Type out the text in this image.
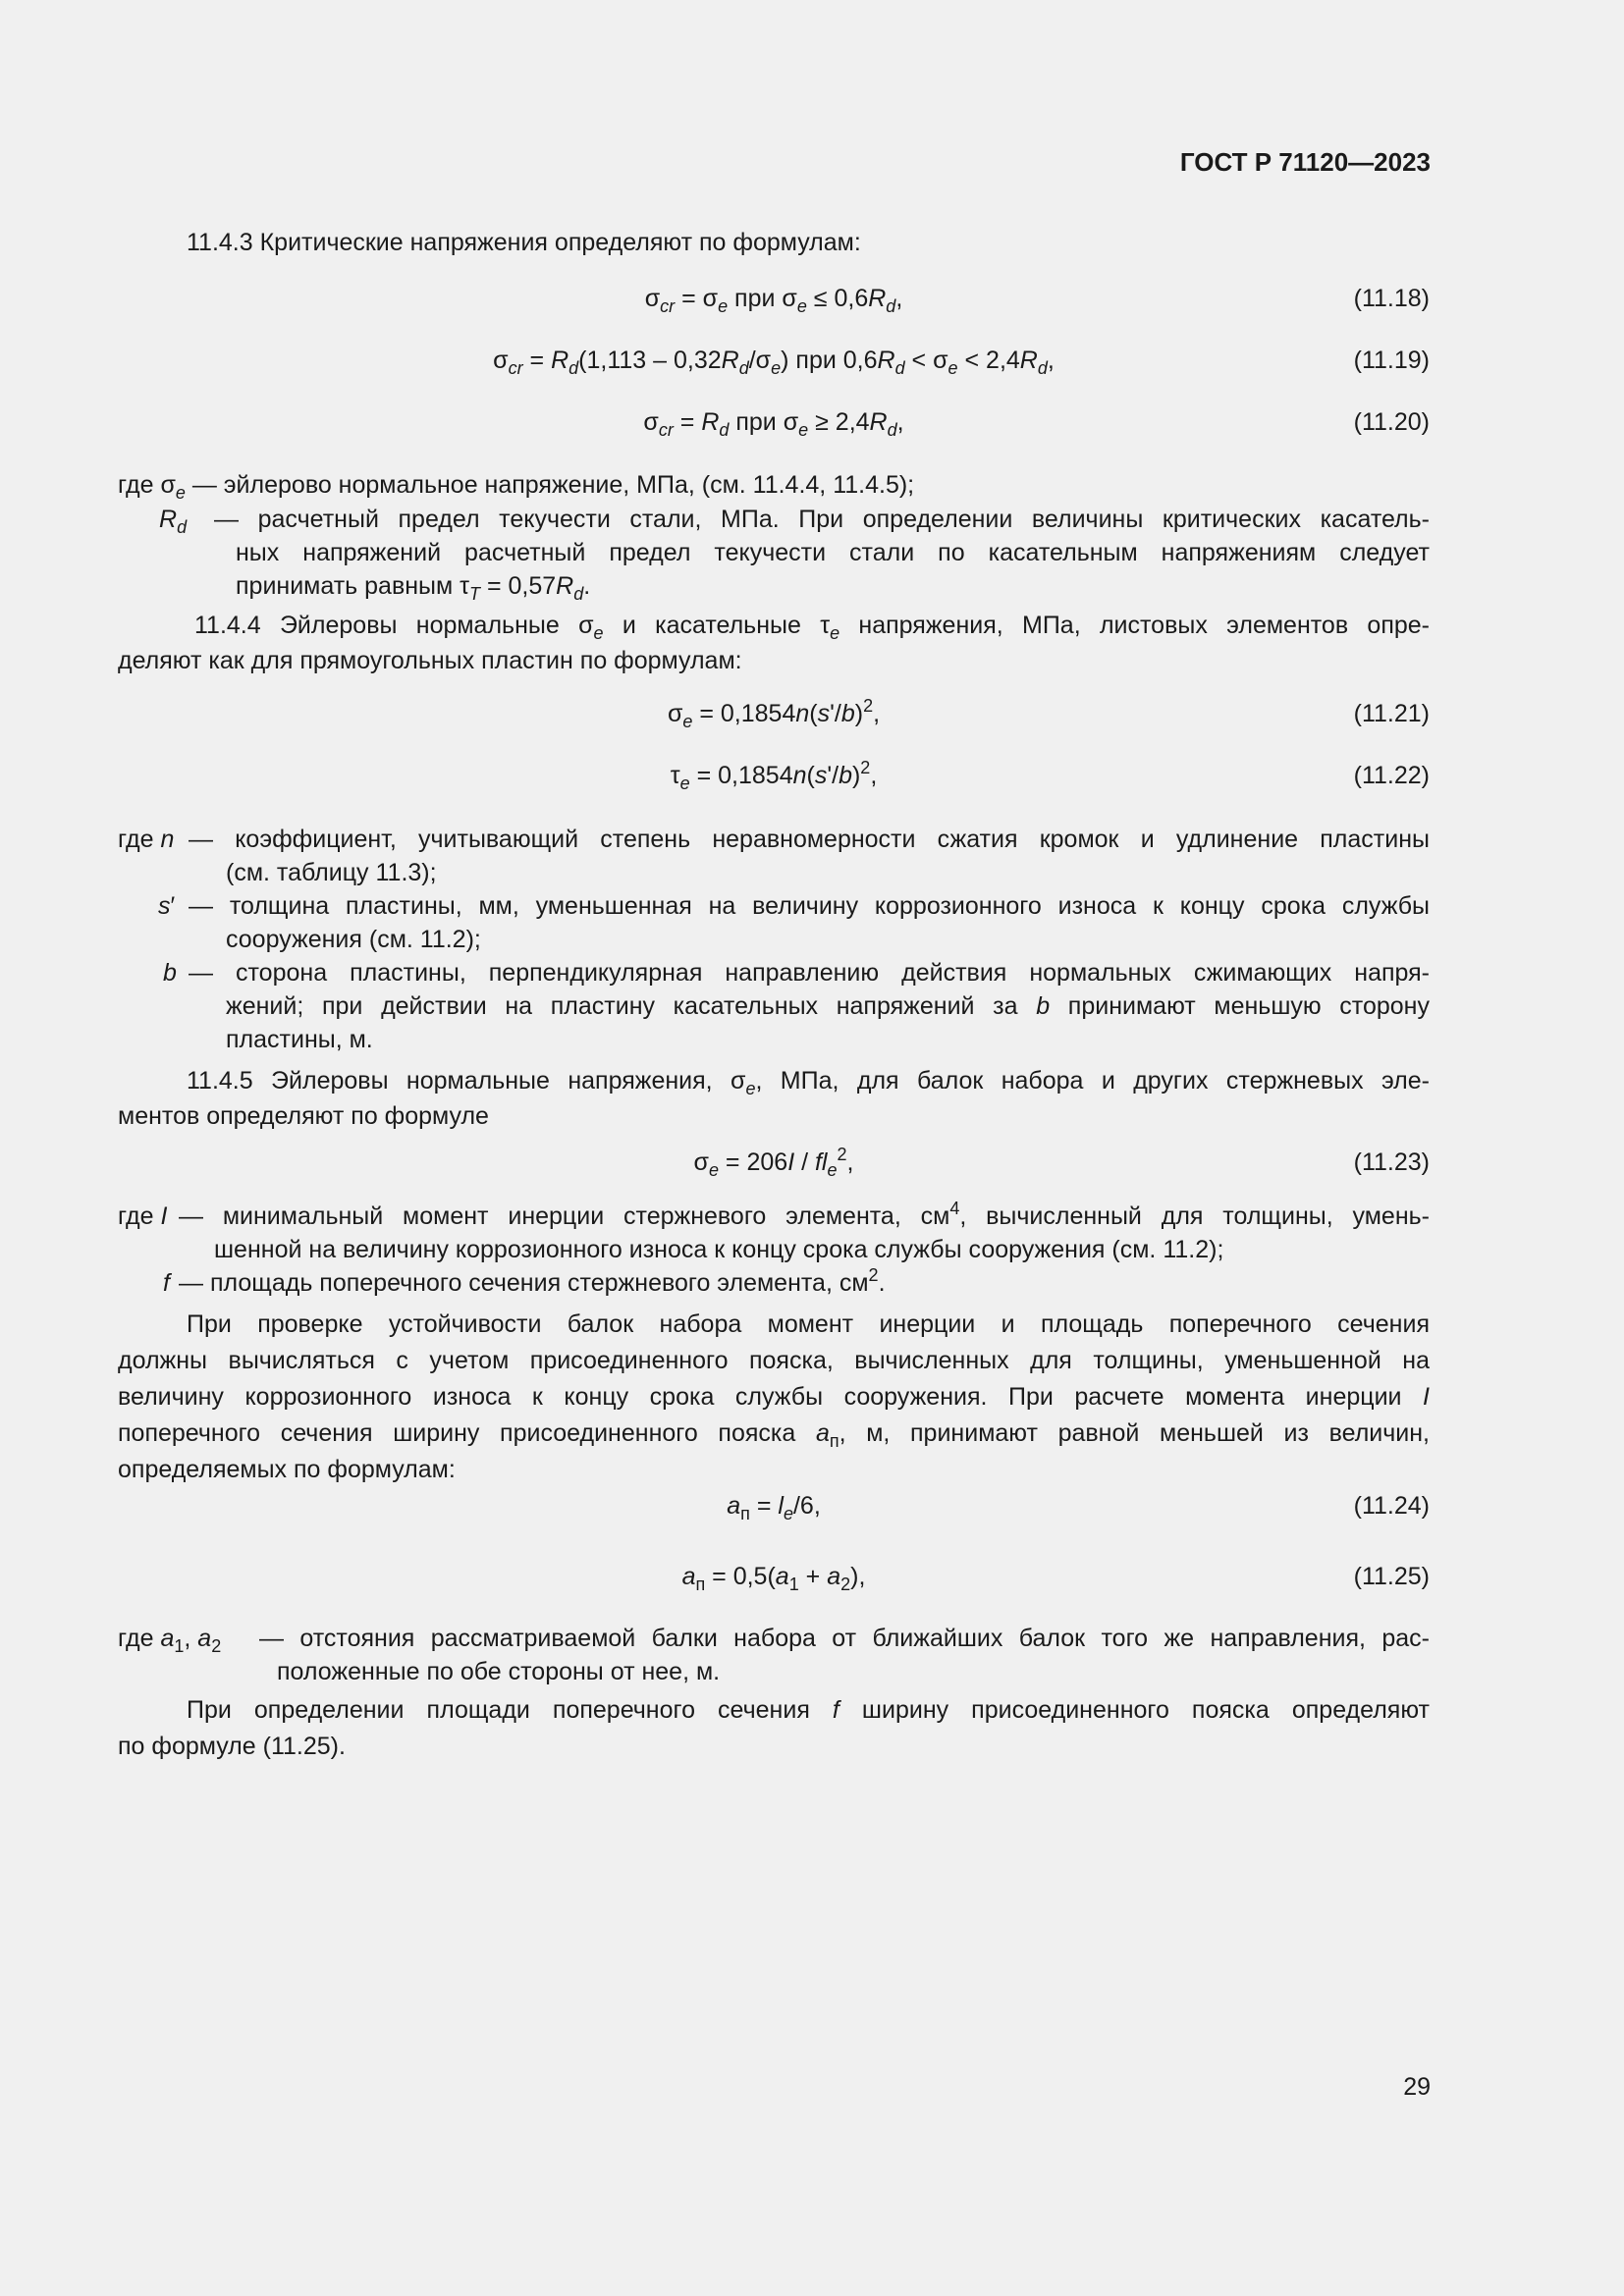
ГОСТ Р 71120—2023
11.4.3 Критические напряжения определяют по формулам:
$\sigma_{cr} = \sigma_e$ при $\sigma_e \le 0,6R_d$,	(11.18)
$\sigma_{cr} = R_d(1,113 - 0,32R_d/\sigma_e)$ при $0,6R_d < \sigma_e < 2,4R_d$,	(11.19)
$\sigma_{cr} = R_d$ при $\sigma_e \ge 2,4R_d$,	(11.20)
где $\sigma_e$ — эйлерово нормальное напряжение, МПа, (см. 11.4.4, 11.4.5);
$R_d$ — расчетный предел текучести стали, МПа. При определении величины критических касатель-
ных напряжений расчетный предел текучести стали по касательным напряжениям следует
принимать равным $\tau_T = 0,57R_d$.
11.4.4 Эйлеровы нормальные $\sigma_e$ и касательные $\tau_e$ напряжения, МПа, листовых элементов опре-
деляют как для прямоугольных пластин по формулам:
$\sigma_e = 0,1854n(s'/b)^2$,	(11.21)
$\tau_e = 0,1854n(s'/b)^2$,	(11.22)
где n — коэффициент, учитывающий степень неравномерности сжатия кромок и удлинение пластины
(см. таблицу 11.3);
s′ — толщина пластины, мм, уменьшенная на величину коррозионного износа к концу срока службы
сооружения (см. 11.2);
b — сторона пластины, перпендикулярная направлению действия нормальных сжимающих напря-
жений; при действии на пластину касательных напряжений за b принимают меньшую сторону
пластины, м.
11.4.5 Эйлеровы нормальные напряжения, $\sigma_e$, МПа, для балок набора и других стержневых эле-
ментов определяют по формуле
$\sigma_e = 206I / fl_e^2$,	(11.23)
где I — минимальный момент инерции стержневого элемента, $см^4$, вычисленный для толщины, умень-
шенной на величину коррозионного износа к концу срока службы сооружения (см. 11.2);
f — площадь поперечного сечения стержневого элемента, $см^2$.
При проверке устойчивости балок набора момент инерции и площадь поперечного сечения
должны вычисляться с учетом присоединенного пояска, вычисленных для толщины, уменьшенной на
величину коррозионного износа к концу срока службы сооружения. При расчете момента инерции I
поперечного сечения ширину присоединенного пояска $a_п$, м, принимают равной меньшей из величин,
определяемых по формулам:
$a_п = l_e/6$,	(11.24)
$a_п = 0,5(a_1 + a_2)$,	(11.25)
где $a_1$, $a_2$ — отстояния рассматриваемой балки набора от ближайших балок того же направления, рас-
положенные по обе стороны от нее, м.
При определении площади поперечного сечения f ширину присоединенного пояска определяют
по формуле (11.25).
29
